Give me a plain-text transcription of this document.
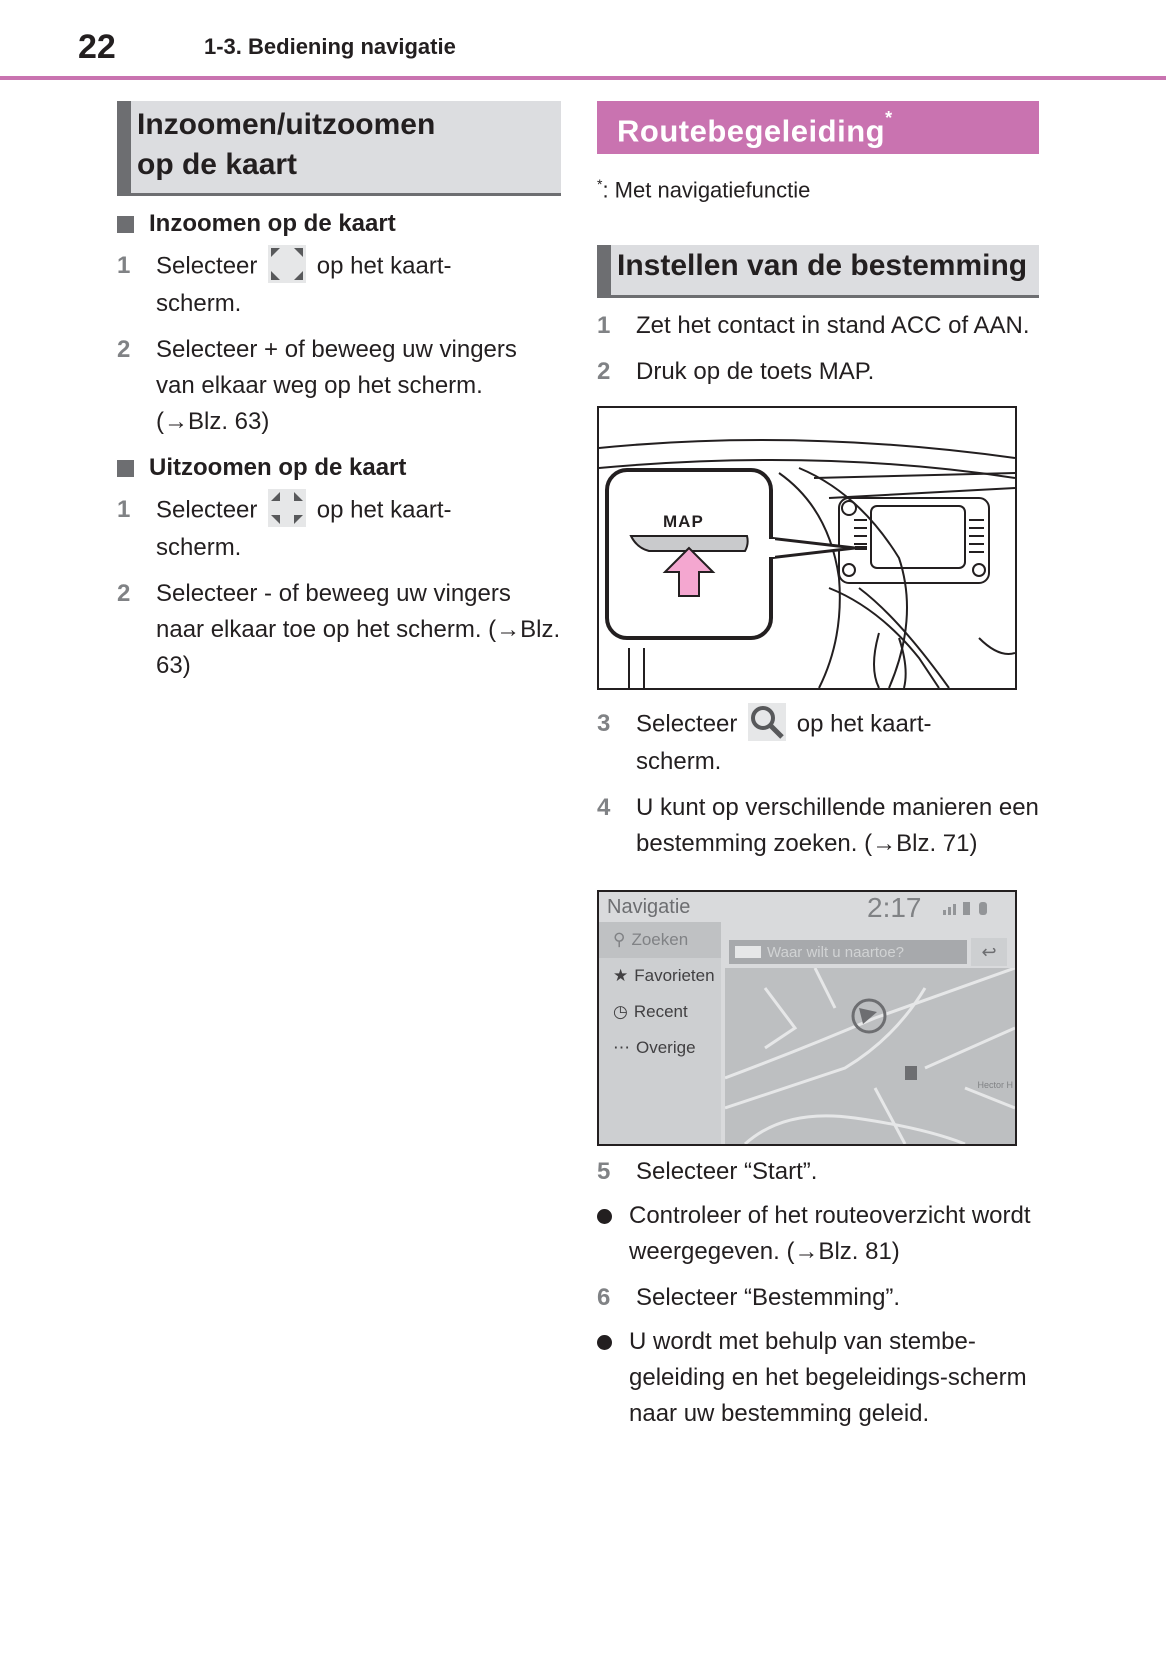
22	1-3. Bediening navigatie
Inzoomen/uitzoomen
op de kaart
Inzoomen op de kaart
1	Selecteer op het kaart-
scherm.
2	Selecteer + of beweeg uw vingers van elkaar weg op het scherm. (→Blz. 63)
Uitzoomen op de kaart
1	Selecteer op het kaart-
scherm.
2	Selecteer - of beweeg uw vingers naar elkaar toe op het scherm. (→Blz. 63)
Routebegeleiding*
*: Met navigatiefunctie
Instellen van de bestemming
1	Zet het contact in stand ACC of AAN.
2	Druk op de toets MAP.
MAP
3	Selecteer op het kaart-
scherm.
4	U kunt op verschillende manieren een bestemming zoeken. (→Blz. 71)
Navigatie	2:17
⚲ Zoeken
★ Favorieten
◷ Recent
⋯ Overige
Hector H
Waar wilt u naartoe?	↩
5	Selecteer “Start”.
Controleer of het routeoverzicht wordt weergegeven. (→Blz. 81)
6	Selecteer “Bestemming”.
U wordt met behulp van stembe-geleiding en het begeleidings-scherm naar uw bestemming geleid.
